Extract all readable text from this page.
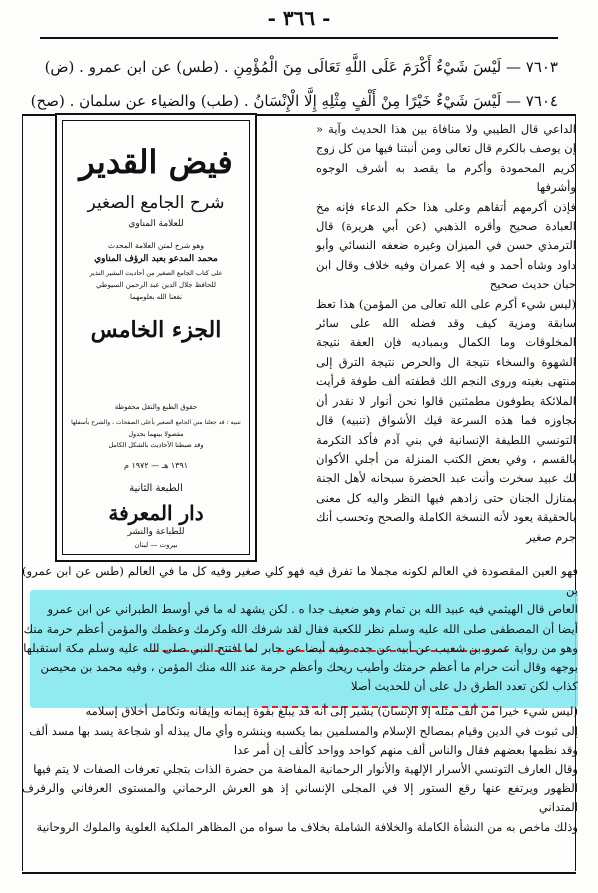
- ٣٦٦ -
٧٦٠٣ — لَيْسَ شَيْءٌ أَكْرَمَ عَلَى اللَّهِ تَعَالَى مِنَ الْمُؤْمِنِ . (طس) عن ابن عمرو . (ض)
٧٦٠٤ — لَيْسَ شَيْءٌ خَيْرًا مِنْ أَلْفٍ مِثْلِهِ إِلَّا الْإِنْسَانُ . (طب) والضياء عن سلمان . (صح)

الداعي قال الطيبي ولا منافاة بين هذا الحديث وآية « إن يوصف بالكرم قال تعالى ومن أنبتنا فيها من كل زوج كريم المحمودة وأكرم ما يقصد به أشرف الوجوه وأشرفها

فإذن أكرمهم أتقاهم وعلى هذا حكم الدعاء فإنه مخ العبادة صحيح وأقره الذهبي (عن أبي هريرة) قال الترمذي حسن في الميزان وغيره ضعفه النسائي وأبو داود وشاه أحمد و فيه إلا عمران وفيه خلاف وقال ابن حبان حديث صحيح

(ليس شيء أكرم على الله تعالى من المؤمن) هذا تعظ سابقة ومزية كيف وقد فضله الله على سائر المخلوقات وما الكمال وبمباديه فإن العفة نتيجة الشهوة والسخاء نتيجة ال والحرص نتيجة الترق إلى منتهى بغيته وروى النجم الك قطفته ألف طوفة قرأيت الملائكة يطوفون مطمئنين قالوا نحن أنوار لا نقدر أن نجاوزه فما هذه السرعة قيك الأشواق (تنبيه) قال التونسي اللطيفة الإنسانية في بني آدم فأكد التكرمة بالقسم ، وفي بعض الكتب المنزلة من أجلي الأكوان لك عبيد سخرت وأنت عبد الحضرة سبحانه لأهل الجنة بمنازل الجنان حتى زادهم فيها النظر واليه كل معنى بالحقيقة يعود لأنه النسخة الكاملة والصحح وتحسب أنك جرم صغير

فيض القدير
شرح الجامع الصغير
للعلامة المناوي
وهو شرح لمتن العلامة المحدث
محمد المدعو بعبد الرؤف المناوي
على كتاب الجامع الصغير من أحاديث البشير النذير
للحافظ جلال الدين عبد الرحمن السيوطي
نفعنا الله بعلومهما
الجزء الخامس
حقوق الطبع والنقل محفوظة
تنبيه : قد جعلنا متن الجامع الصغير بأعلى الصفحات ، والشرح بأسفلها
مفصولا بينهما بجدول
وقد ضبطنا الأحاديث بالشكل الكامل
١٣٩١ هـ — ١٩٧٢ م
الطبعة الثانية
دار المعرفة
للطباعة والنشر
بيروت — لبنان
فهو العين المقصودة في العالم لكونه مجملا ما تفرق فيه فهو كلي صغير وفيه كل ما في العالم (طس عن ابن عمرو) بن
العاص قال الهيثمي فيه عبيد الله بن تمام وهو ضعيف جدا ه . لكن يشهد له ما في أوسط الطبراني عن ابن عمرو
أيضا أن المصطفى صلى الله عليه وسلم نظر للكعبة فقال لقد شرفك الله وكرمك وعظمك والمؤمن أعظم حرمة منك
وهو من رواية عمرو بن شعيب عن أبيه عن جده وفيه أيضا عن جابر لما افتتح النبي صلى الله عليه وسلم مكة استقبلها
بوجهه وقال أنت حرام ما أعظم حرمتك وأطيب ريحك وأعظم حرمة عند الله منك المؤمن ، وفيه محمد بن محيصن
كذاب لكن تعدد الطرق دل على أن للحديث أصلا
(ليس شيء خيرا من ألف مثله إلا الإنسان) يشير إلى أنه قد يبلغ بقوة إيمانه وإيقانه وتكامل أخلاق إسلامه
إلى ثبوت في الدين وقيام بمصالح الإسلام والمسلمين بما يكسبه وينشره وأي مال يبذله أو شجاعة يسد بها مسد ألف
وقد نظمها بعضهم فقال والناس ألف منهم كواحد وواحد كألف إن أمر عدا
وقال العارف التونسي الأسرار الإلهية والأنوار الرحمانية المفاضة من حضرة الذات بتجلي تعرفات الصفات لا يتم فيها
الظهور ويرتفع عنها رقع الستور إلا في المجلى الإنساني إذ هو العرش الرحماني والمستوى العرفاني والرفرف المتداني
وذلك ماخص به من النشأة الكاملة والخلافة الشاملة بخلاف ما سواه من المظاهر الملكية العلوية والملوك الروحانية
